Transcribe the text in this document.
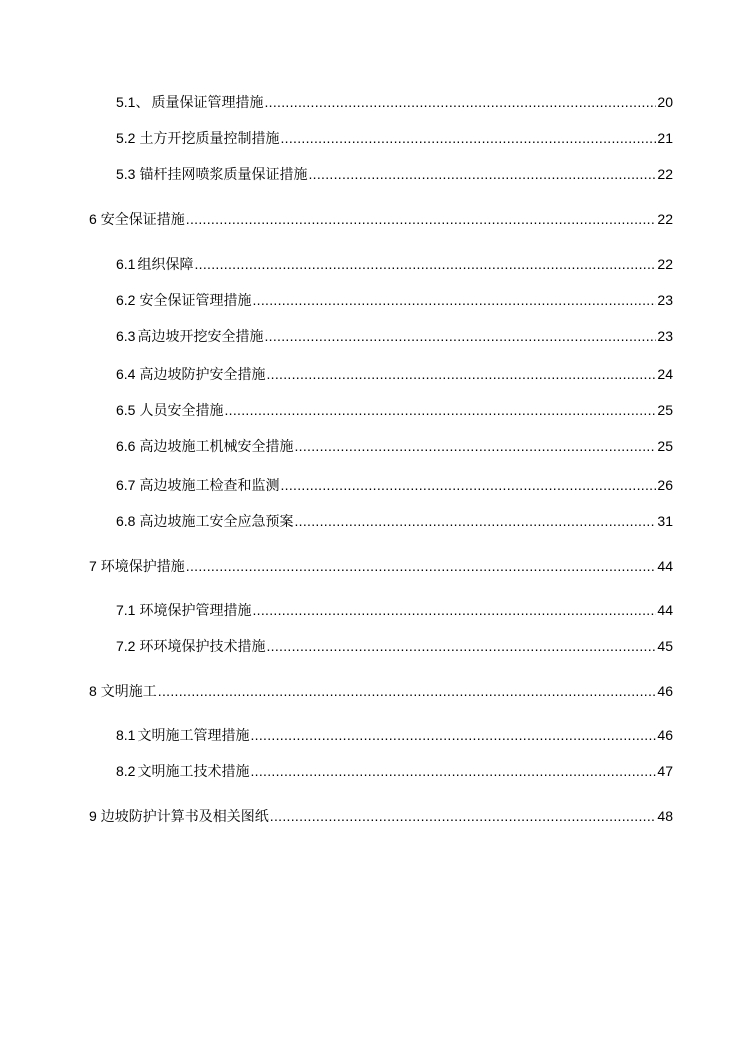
5.1、 质量保证管理措施 .....	20
5.2 土方开挖质量控制措施 .....	21
5.3 锚杆挂网喷浆质量保证措施 .....	22
6 安全保证措施 .....	22
6.1 组织保障 .....	22
6.2 安全保证管理措施 .....	23
6.3 高边坡开挖安全措施 .....	23
6.4 高边坡防护安全措施 .....	24
6.5 人员安全措施 .....	25
6.6 高边坡施工机械安全措施 .....	25
6.7 高边坡施工检查和监测 .....	26
6.8 高边坡施工安全应急预案 .....	31
7 环境保护措施 .....	44
7.1 环境保护管理措施 .....	44
7.2 环环境保护技术措施 .....	45
8 文明施工 .....	46
8.1 文明施工管理措施 .....	46
8.2 文明施工技术措施 .....	47
9 边坡防护计算书及相关图纸 .....	48
